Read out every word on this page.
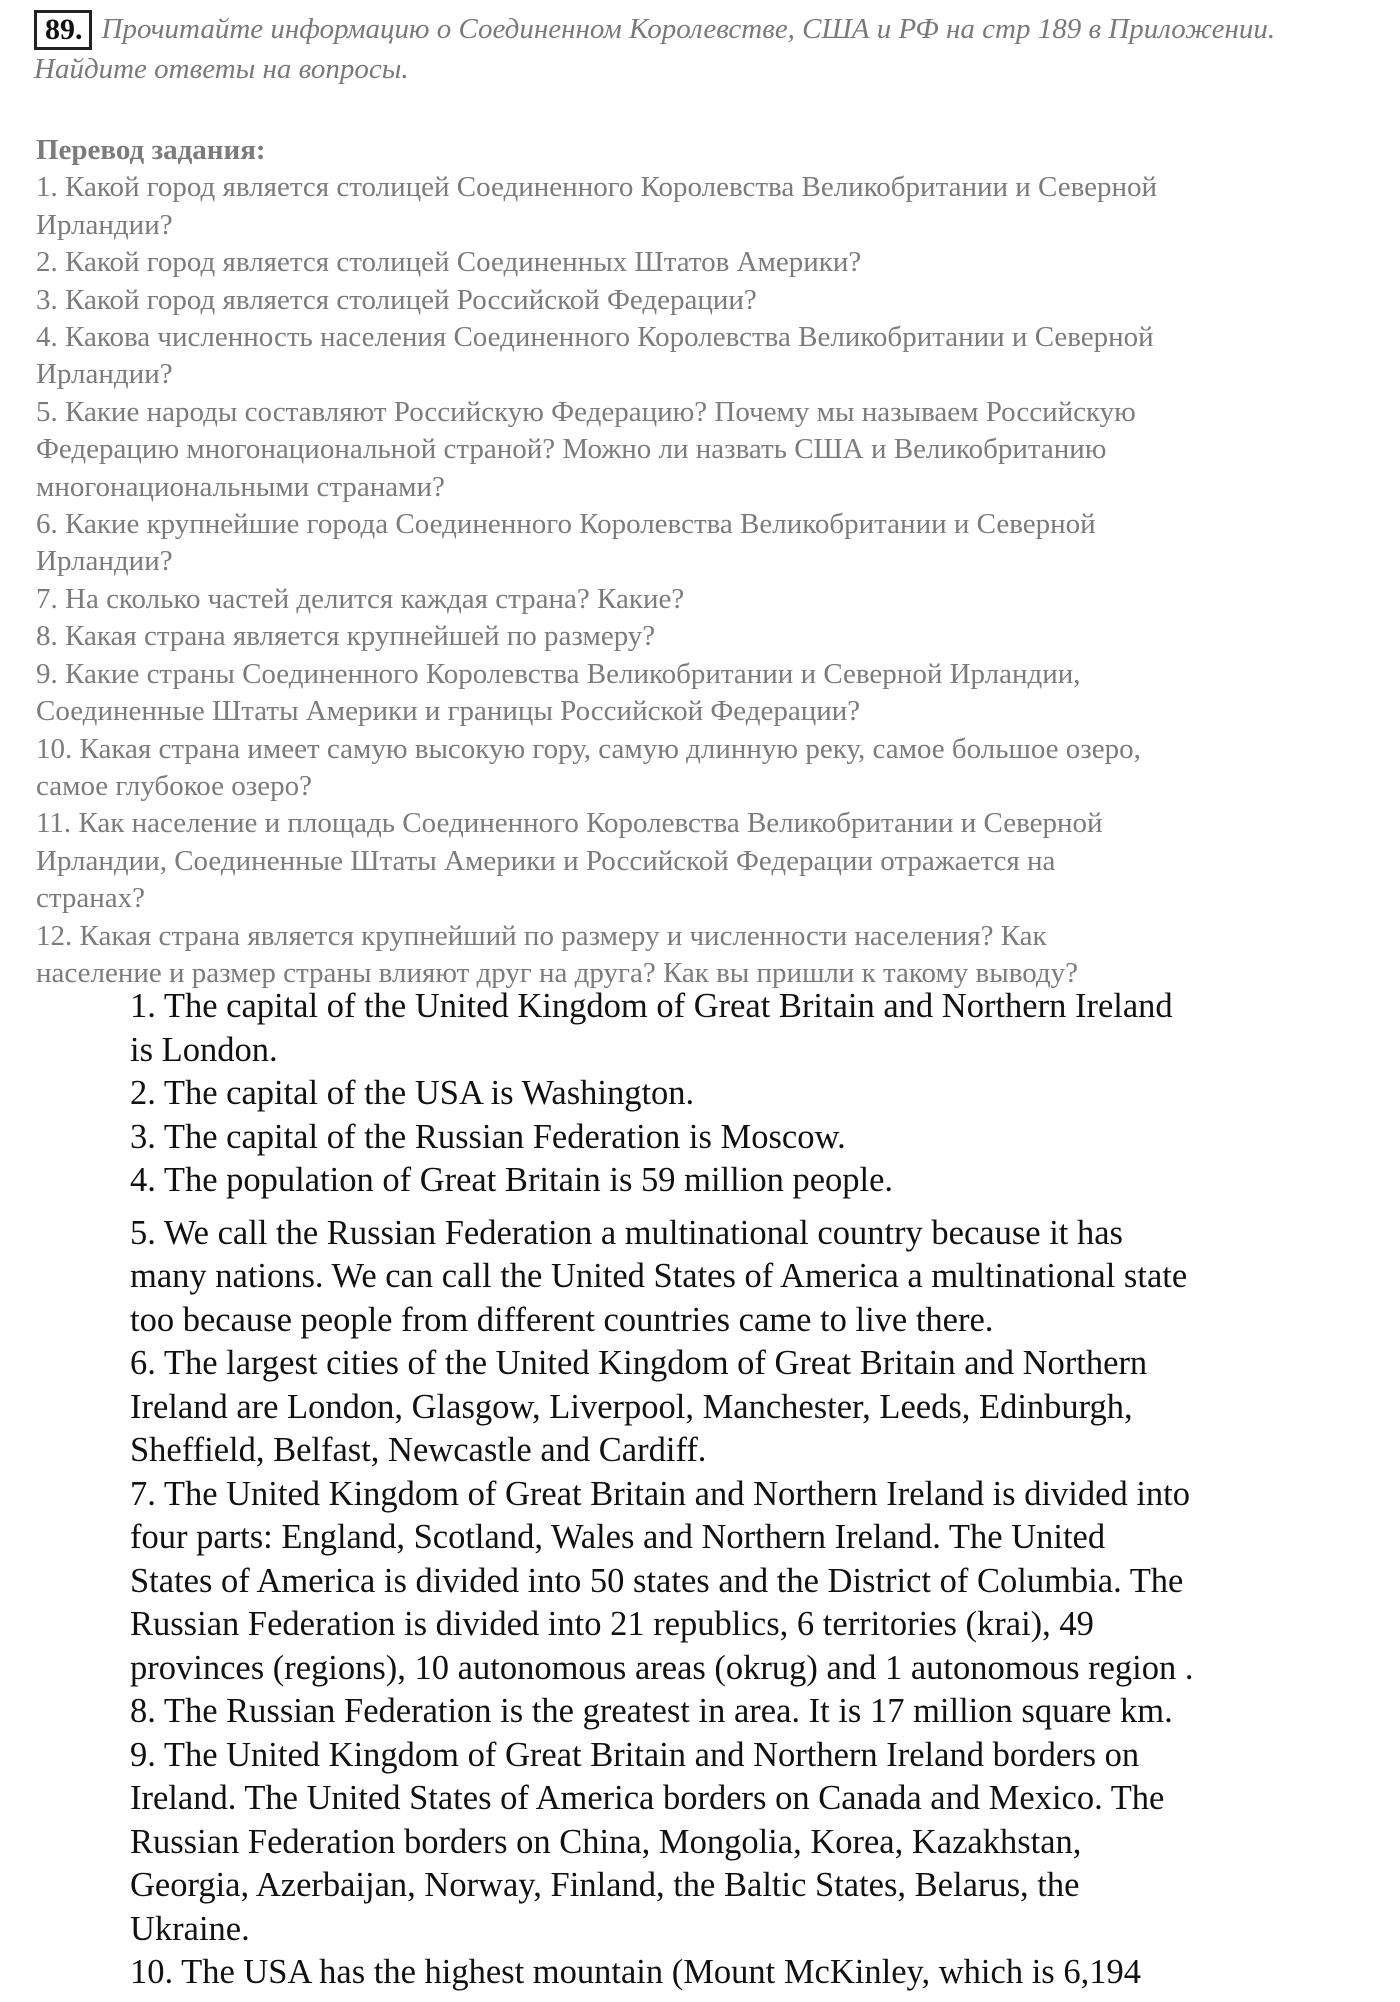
89. Прочитайте информацию о Соединенном Королевстве, США и РФ на стр 189 в Приложении. Найдите ответы на вопросы.
Перевод задания:
1. Какой город является столицей Соединенного Королевства Великобритании и Северной
Ирландии?
2. Какой город является столицей Соединенных Штатов Америки?
3. Какой город является столицей Российской Федерации?
4. Какова численность населения Соединенного Королевства Великобритании и Северной
Ирландии?
5. Какие народы составляют Российскую Федерацию? Почему мы называем Российскую
Федерацию многонациональной страной? Можно ли назвать США и Великобританию
многонациональными странами?
6. Какие крупнейшие города Соединенного Королевства Великобритании и Северной
Ирландии?
7. На сколько частей делится каждая страна? Какие?
8. Какая страна является крупнейшей по размеру?
9. Какие страны Соединенного Королевства Великобритании и Северной Ирландии,
Соединенные Штаты Америки и границы Российской Федерации?
10. Какая страна имеет самую высокую гору, самую длинную реку, самое большое озеро,
самое глубокое озеро?
11. Как население и площадь Соединенного Королевства Великобритании и Северной
Ирландии, Соединенные Штаты Америки и Российской Федерации отражается на
странах?
12. Какая страна является крупнейший по размеру и численности населения? Как
население и размер страны влияют друг на друга? Как вы пришли к такому выводу?
1. The capital of the United Kingdom of Great Britain and Northern Ireland
is London.
2. The capital of the USA is Washington.
3. The capital of the Russian Federation is Moscow.
4. The population of Great Britain is 59 million people.
5. We call the Russian Federation a multinational country because it has
many nations. We can call the United States of America a multinational state
too because people from different countries came to live there.
6. The largest cities of the United Kingdom of Great Britain and Northern
Ireland are London, Glasgow, Liverpool, Manchester, Leeds, Edinburgh,
Sheffield, Belfast, Newcastle and Cardiff.
7. The United Kingdom of Great Britain and Northern Ireland is divided into
four parts: England, Scotland, Wales and Northern Ireland. The United
States of America is divided into 50 states and the District of Columbia. The
Russian Federation is divided into 21 republics, 6 territories (krai), 49
provinces (regions), 10 autonomous areas (okrug) and 1 autonomous region .
8. The Russian Federation is the greatest in area. It is 17 million square km.
9. The United Kingdom of Great Britain and Northern Ireland borders on
Ireland. The United States of America borders on Canada and Mexico. The
Russian Federation borders on China, Mongolia, Korea, Kazakhstan,
Georgia, Azerbaijan, Norway, Finland, the Baltic States, Belarus, the
Ukraine.
10. The USA has the highest mountain (Mount McKinley, which is 6,194
